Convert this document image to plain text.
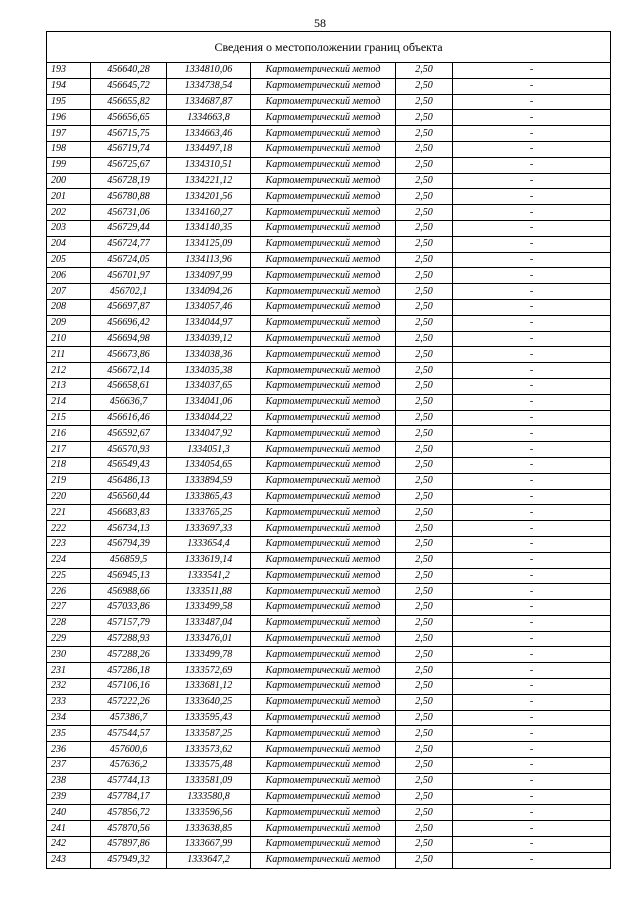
58
Сведения о местоположении границ объекта					
193	456640,28	1334810,06	Картометрический метод	2,50	-
194	456645,72	1334738,54	Картометрический метод	2,50	-
195	456655,82	1334687,87	Картометрический метод	2,50	-
196	456656,65	1334663,8	Картометрический метод	2,50	-
197	456715,75	1334663,46	Картометрический метод	2,50	-
198	456719,74	1334497,18	Картометрический метод	2,50	-
199	456725,67	1334310,51	Картометрический метод	2,50	-
200	456728,19	1334221,12	Картометрический метод	2,50	-
201	456780,88	1334201,56	Картометрический метод	2,50	-
202	456731,06	1334160,27	Картометрический метод	2,50	-
203	456729,44	1334140,35	Картометрический метод	2,50	-
204	456724,77	1334125,09	Картометрический метод	2,50	-
205	456724,05	1334113,96	Картометрический метод	2,50	-
206	456701,97	1334097,99	Картометрический метод	2,50	-
207	456702,1	1334094,26	Картометрический метод	2,50	-
208	456697,87	1334057,46	Картометрический метод	2,50	-
209	456696,42	1334044,97	Картометрический метод	2,50	-
210	456694,98	1334039,12	Картометрический метод	2,50	-
211	456673,86	1334038,36	Картометрический метод	2,50	-
212	456672,14	1334035,38	Картометрический метод	2,50	-
213	456658,61	1334037,65	Картометрический метод	2,50	-
214	456636,7	1334041,06	Картометрический метод	2,50	-
215	456616,46	1334044,22	Картометрический метод	2,50	-
216	456592,67	1334047,92	Картометрический метод	2,50	-
217	456570,93	1334051,3	Картометрический метод	2,50	-
218	456549,43	1334054,65	Картометрический метод	2,50	-
219	456486,13	1333894,59	Картометрический метод	2,50	-
220	456560,44	1333865,43	Картометрический метод	2,50	-
221	456683,83	1333765,25	Картометрический метод	2,50	-
222	456734,13	1333697,33	Картометрический метод	2,50	-
223	456794,39	1333654,4	Картометрический метод	2,50	-
224	456859,5	1333619,14	Картометрический метод	2,50	-
225	456945,13	1333541,2	Картометрический метод	2,50	-
226	456988,66	1333511,88	Картометрический метод	2,50	-
227	457033,86	1333499,58	Картометрический метод	2,50	-
228	457157,79	1333487,04	Картометрический метод	2,50	-
229	457288,93	1333476,01	Картометрический метод	2,50	-
230	457288,26	1333499,78	Картометрический метод	2,50	-
231	457286,18	1333572,69	Картометрический метод	2,50	-
232	457106,16	1333681,12	Картометрический метод	2,50	-
233	457222,26	1333640,25	Картометрический метод	2,50	-
234	457386,7	1333595,43	Картометрический метод	2,50	-
235	457544,57	1333587,25	Картометрический метод	2,50	-
236	457600,6	1333573,62	Картометрический метод	2,50	-
237	457636,2	1333575,48	Картометрический метод	2,50	-
238	457744,13	1333581,09	Картометрический метод	2,50	-
239	457784,17	1333580,8	Картометрический метод	2,50	-
240	457856,72	1333596,56	Картометрический метод	2,50	-
241	457870,56	1333638,85	Картометрический метод	2,50	-
242	457897,86	1333667,99	Картометрический метод	2,50	-
243	457949,32	1333647,2	Картометрический метод	2,50	-
